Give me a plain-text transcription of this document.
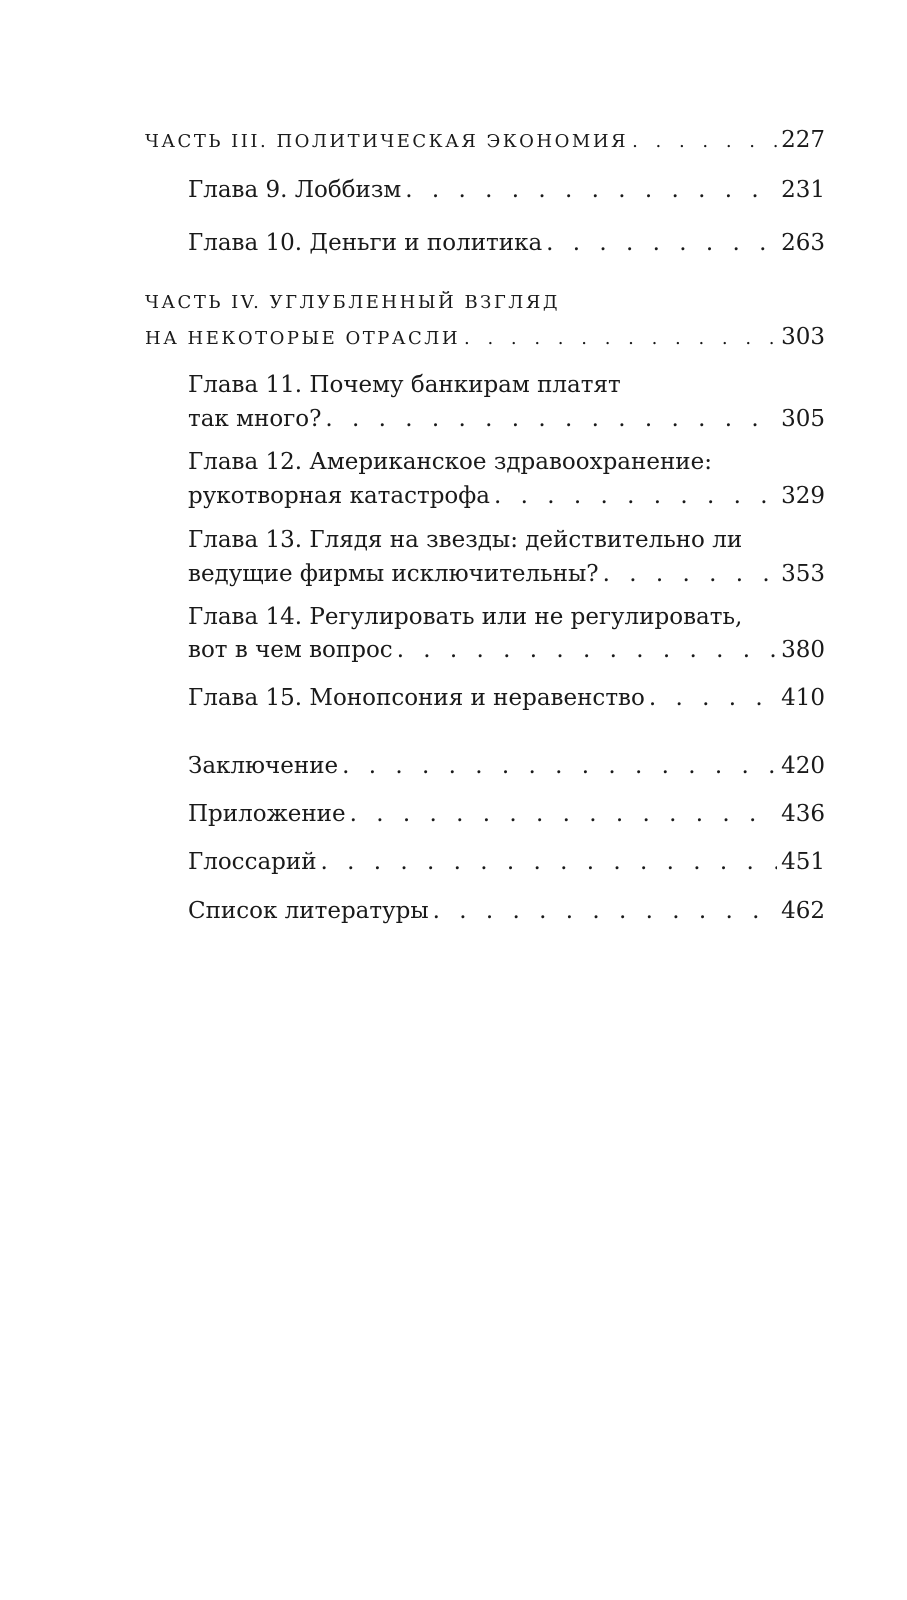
ЧАСТЬ III. ПОЛИТИЧЕСКАЯ ЭКОНОМИЯ . . .	227
Глава 9. Лоббизм . . .	231
Глава 10. Деньги и политика . . .	263
ЧАСТЬ IV. УГЛУБЛЕННЫЙ ВЗГЛЯД
НА НЕКОТОРЫЕ ОТРАСЛИ . . .	303
Глава 11. Почему банкирам платят
так много? . . .	305
Глава 12. Американское здравоохранение:
рукотворная катастрофа . . .	329
Глава 13. Глядя на звезды: действительно ли
ведущие фирмы исключительны? . . .	353
Глава 14. Регулировать или не регулировать,
вот в чем вопрос . . .	380
Глава 15. Монопсония и неравенство . . .	410
Заключение . . .	420
Приложение . . .	436
Глоссарий . . .	451
Список литературы . . .	462
